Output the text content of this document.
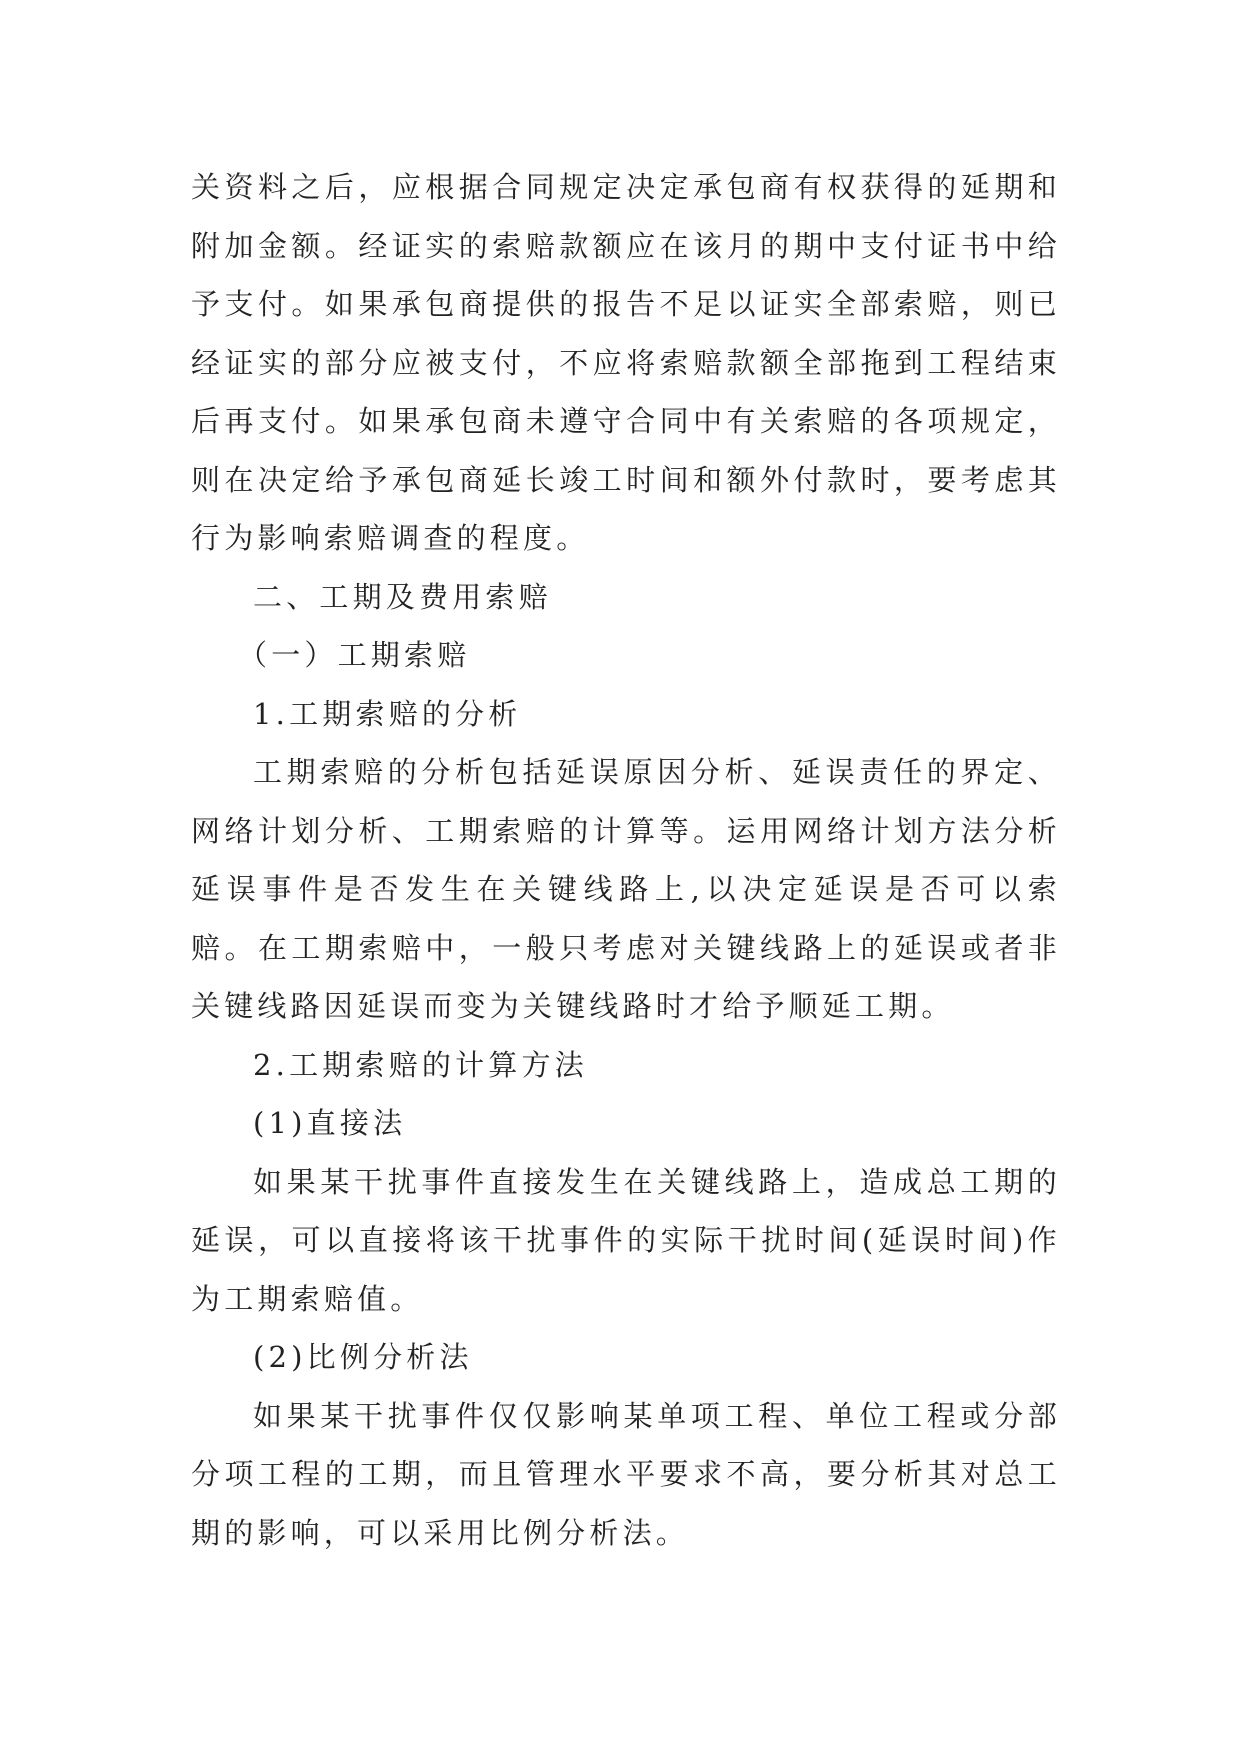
关资料之后，应根据合同规定决定承包商有权获得的延期和附加金额。经证实的索赔款额应在该月的期中支付证书中给予支付。如果承包商提供的报告不足以证实全部索赔，则已经证实的部分应被支付，不应将索赔款额全部拖到工程结束后再支付。如果承包商未遵守合同中有关索赔的各项规定，则在决定给予承包商延长竣工时间和额外付款时，要考虑其行为影响索赔调查的程度。

二、工期及费用索赔

（一）工期索赔

1.工期索赔的分析

工期索赔的分析包括延误原因分析、延误责任的界定、网络计划分析、工期索赔的计算等。运用网络计划方法分析延误事件是否发生在关键线路上,以决定延误是否可以索赔。在工期索赔中，一般只考虑对关键线路上的延误或者非关键线路因延误而变为关键线路时才给予顺延工期。

2.工期索赔的计算方法

(1)直接法

如果某干扰事件直接发生在关键线路上，造成总工期的延误，可以直接将该干扰事件的实际干扰时间(延误时间)作为工期索赔值。

(2)比例分析法

如果某干扰事件仅仅影响某单项工程、单位工程或分部分项工程的工期，而且管理水平要求不高，要分析其对总工期的影响，可以采用比例分析法。
